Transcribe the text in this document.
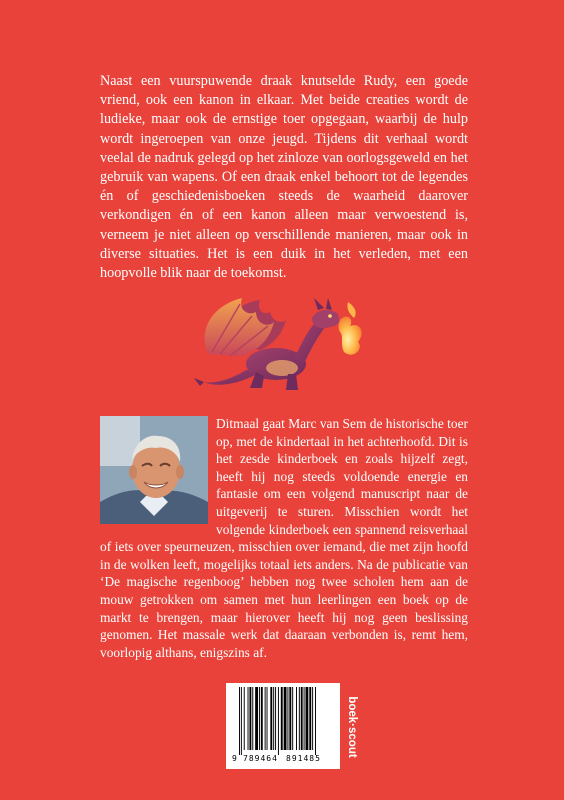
Naast een vuurspuwende draak knutselde Rudy, een goede vriend, ook een kanon in elkaar. Met beide creaties wordt de ludieke, maar ook de ernstige toer opgegaan, waarbij de hulp wordt ingeroepen van onze jeugd. Tijdens dit verhaal wordt veelal de nadruk gelegd op het zinloze van oorlogsgeweld en het gebruik van wapens. Of een draak enkel behoort tot de legendes én of geschiedenisboeken steeds de waarheid daarover verkondigen én of een kanon alleen maar verwoestend is, verneem je niet alleen op verschillende manieren, maar ook in diverse situaties. Het is een duik in het verleden, met een hoopvolle blik naar de toekomst.

Ditmaal gaat Marc van Sem de historische toer op, met de kindertaal in het achterhoofd. Dit is het zesde kinderboek en zoals hijzelf zegt, heeft hij nog steeds voldoende energie en fantasie om een volgend manuscript naar de uitgeverij te sturen. Misschien wordt het volgende kinderboek een spannend reisverhaal of iets over speurneuzen, misschien over iemand, die met zijn hoofd in de wolken leeft, mogelijks totaal iets anders. Na de publicatie van ‘De magische regenboog’ hebben nog twee scholen hem aan de mouw getrokken om samen met hun leerlingen een boek op de markt te brengen, maar hierover heeft hij nog geen beslissing genomen. Het massale werk dat daaraan verbonden is, remt hem, voorlopig althans, enigszins af.

9 789464 891485
boek·scout
